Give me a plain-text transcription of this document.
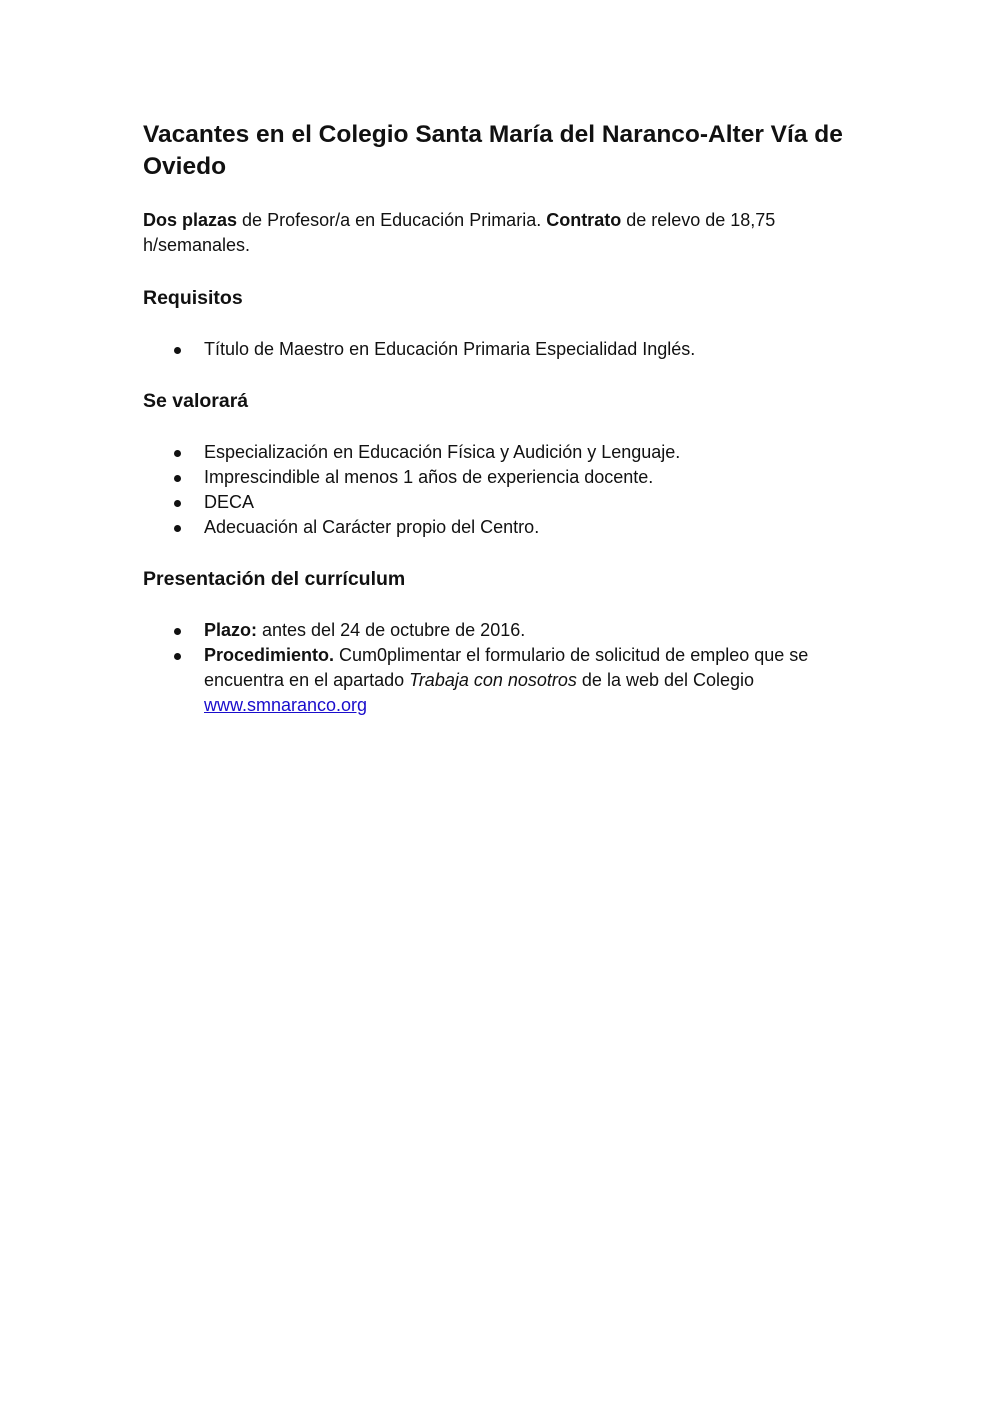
Vacantes en el Colegio Santa María del Naranco-Alter Vía de Oviedo

Dos plazas de Profesor/a en Educación Primaria. Contrato de relevo de 18,75 h/semanales.

Requisitos
Título de Maestro en Educación Primaria Especialidad Inglés.
Se valorará
Especialización en Educación Física y Audición y Lenguaje.
Imprescindible al menos 1 años de experiencia docente.
DECA
Adecuación al Carácter propio del Centro.
Presentación del currículum
Plazo: antes del 24 de octubre de 2016.
Procedimiento. Cum0plimentar el formulario de solicitud de empleo que se encuentra en el apartado Trabaja con nosotros de la web del Colegio www.smnaranco.org
